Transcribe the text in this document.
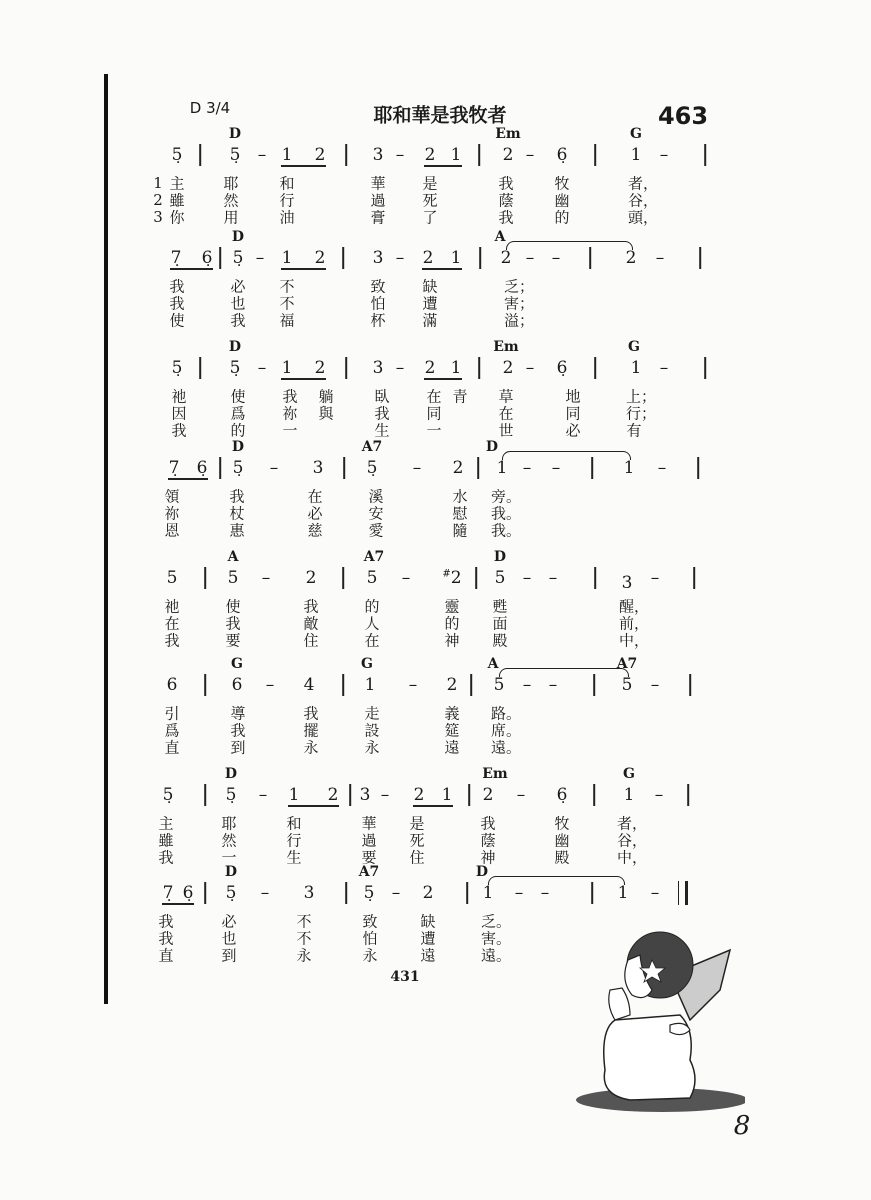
D 3/4	耶和華是我牧者	463
D	Em	G
5̣	5̣ – 1 2	3 – 2 1 2 – 6̣	1 –
主	耶	和	華 是	我	牧	者，
1
雖	然	行	過 死	蔭	幽	谷，
2
你	用	油	膏 了	我	的	頭，
3
D	A
7̣ 6̣ 5̣ – 1 2	3 – 2 1 2 – –	2 –
我	必 不	致 缺	乏；
我	也 不	怕 遭	害；
使	我 福	杯 滿	溢；
D	Em	G
5̣	5̣ – 1 2	3 – 2 1 2 – 6̣	1 –
祂	使 我 躺	臥 在 青 草	地	上；
因	爲 祢 與	我 同	在	同	行；
我	的 一	生 一	世	必	有
D	A7	D
7̣ 6̣ 5̣ – 3	5̣ – 2 1 – –	1 –
領	我	在	溪	水 旁。
祢	杖	必	安	慰 我。
恩	惠	慈	愛	隨 我。
A	A7	D
5	5 – 2	5 –	#2 5 – –	3 –
祂	使	我	的	靈 甦	醒，
在	我	敵	人	的 面	前，
我	要	住	在	神 殿	中，
G	G	A	A7
6	6 – 4	1 – 2 5 – –	5 –
引	導	我	走	義 路。
爲	我	擺	設	筵 席。
直	到	永	永	遠 遠。
D	Em	G
5̣	5̣ – 1 2 3 – 2 1 2 – 6̣	1 –
主	耶	和	華 是	我	牧	者，
雖	然	行	過 死	蔭	幽	谷，
我	一	生	要 住	神	殿	中，
D	A7	D
7̣ 6̣ 5̣ – 3	5̣ – 2	1 – –	1 –
我	必	不	致	缺	乏。
我	也	不	怕	遭	害。
直	到	永	永	遠	遠。
431
8
